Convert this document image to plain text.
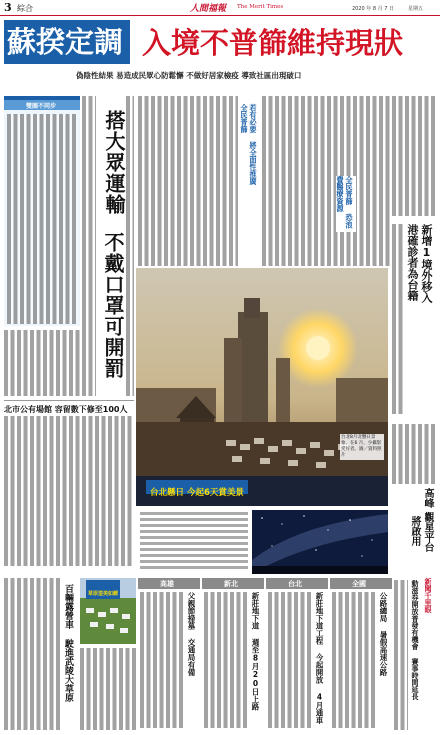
3 綜合	人間福報 The Merit Times	2020 年 8 月 7 日	星期五
蘇揆定調 入境不普篩維持現狀
偽陰性結果 易造成民眾心防鬆懈 不做好居家檢疫 導致社區出現破口
雙圈不同步
搭大眾運輸
不戴口罩可開罰
北市公有場館 容留數下修至100人
若有必要 將全面性推廣全民普篩
全民普篩 恐浪費醫療資源
新增1境外移入
港確診者為台籍
高峰
觀星平台
將啟用
台北懸日 今起6天賞美景
台北8月北懸日景象，在6 月、少攝影愛好者。圖／資料照片
草原望美如鏡
百輛露營車 駛進武陵大草原	高雄
父親節掃墓 交通局有備
新北
新莊地下道 週至8月20日上路
台北
新莊地下道工程 今起開放 4月通車
全國
公路總局 暑假高速公路	新聞千里眼
動滋券開放普發有機會 賽事時間延長
